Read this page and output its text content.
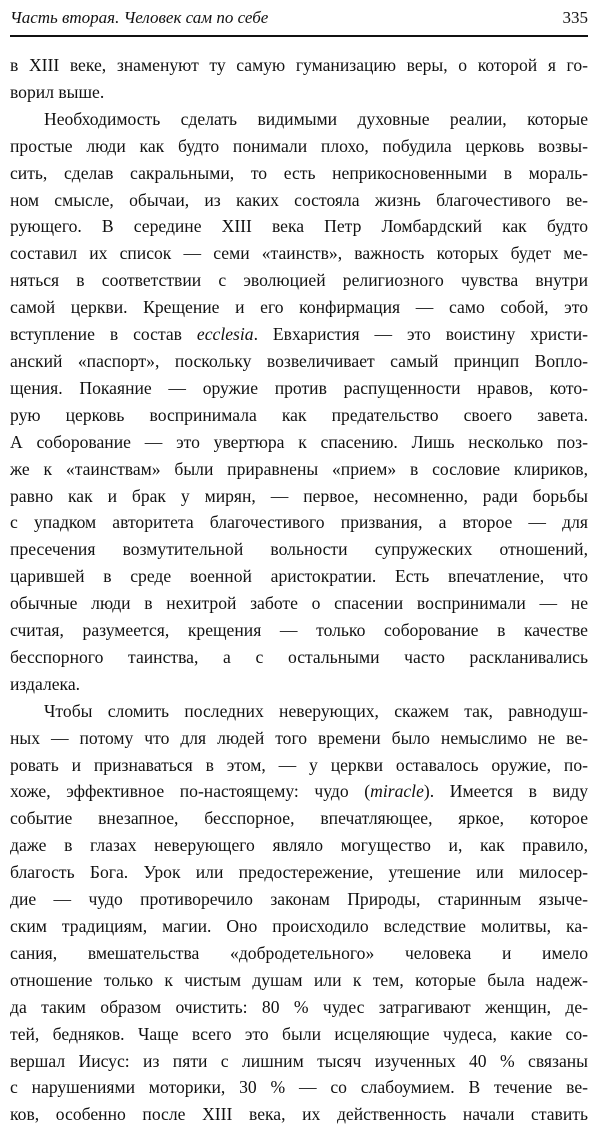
Часть вторая. Человек сам по себе	335

в XIII веке, знаменуют ту самую гуманизацию веры, о которой я го-
ворил выше.

Необходимость сделать видимыми духовные реалии, которые
простые люди как будто понимали плохо, побудила церковь возвы-
сить, сделав сакральными, то есть неприкосновенными в мораль-
ном смысле, обычаи, из каких состояла жизнь благочестивого ве-
рующего. В середине XIII века Петр Ломбардский как будто
составил их список — семи «таинств», важность которых будет ме-
няться в соответствии с эволюцией религиозного чувства внутри
самой церкви. Крещение и его конфирмация — само собой, это
вступление в состав ecclesia. Евхаристия — это воистину христи-
анский «паспорт», поскольку возвеличивает самый принцип Вопло-
щения. Покаяние — оружие против распущенности нравов, кото-
рую церковь воспринимала как предательство своего завета.
А соборование — это увертюра к спасению. Лишь несколько поз-
же к «таинствам» были приравнены «прием» в сословие клириков,
равно как и брак у мирян, — первое, несомненно, ради борьбы
с упадком авторитета благочестивого призвания, а второе — для
пресечения возмутительной вольности супружеских отношений,
царившей в среде военной аристократии. Есть впечатление, что
обычные люди в нехитрой заботе о спасении воспринимали — не
считая, разумеется, крещения — только соборование в качестве
бесспорного таинства, а с остальными часто раскланивались
издалека.

Чтобы сломить последних неверующих, скажем так, равнодуш-
ных — потому что для людей того времени было немыслимо не ве-
ровать и признаваться в этом, — у церкви оставалось оружие, по-
хоже, эффективное по-настоящему: чудо (miracle). Имеется в виду
событие внезапное, бесспорное, впечатляющее, яркое, которое
даже в глазах неверующего являло могущество и, как правило,
благость Бога. Урок или предостережение, утешение или милосер-
дие — чудо противоречило законам Природы, старинным языче-
ским традициям, магии. Оно происходило вследствие молитвы, ка-
сания, вмешательства «добродетельного» человека и имело
отношение только к чистым душам или к тем, которые была надеж-
да таким образом очистить: 80 % чудес затрагивают женщин, де-
тей, бедняков. Чаще всего это были исцеляющие чудеса, какие со-
вершал Иисус: из пяти с лишним тысяч изученных 40 % связаны
с нарушениями моторики, 30 % — со слабоумием. В течение ве-
ков, особенно после XIII века, их действенность начали ставить
